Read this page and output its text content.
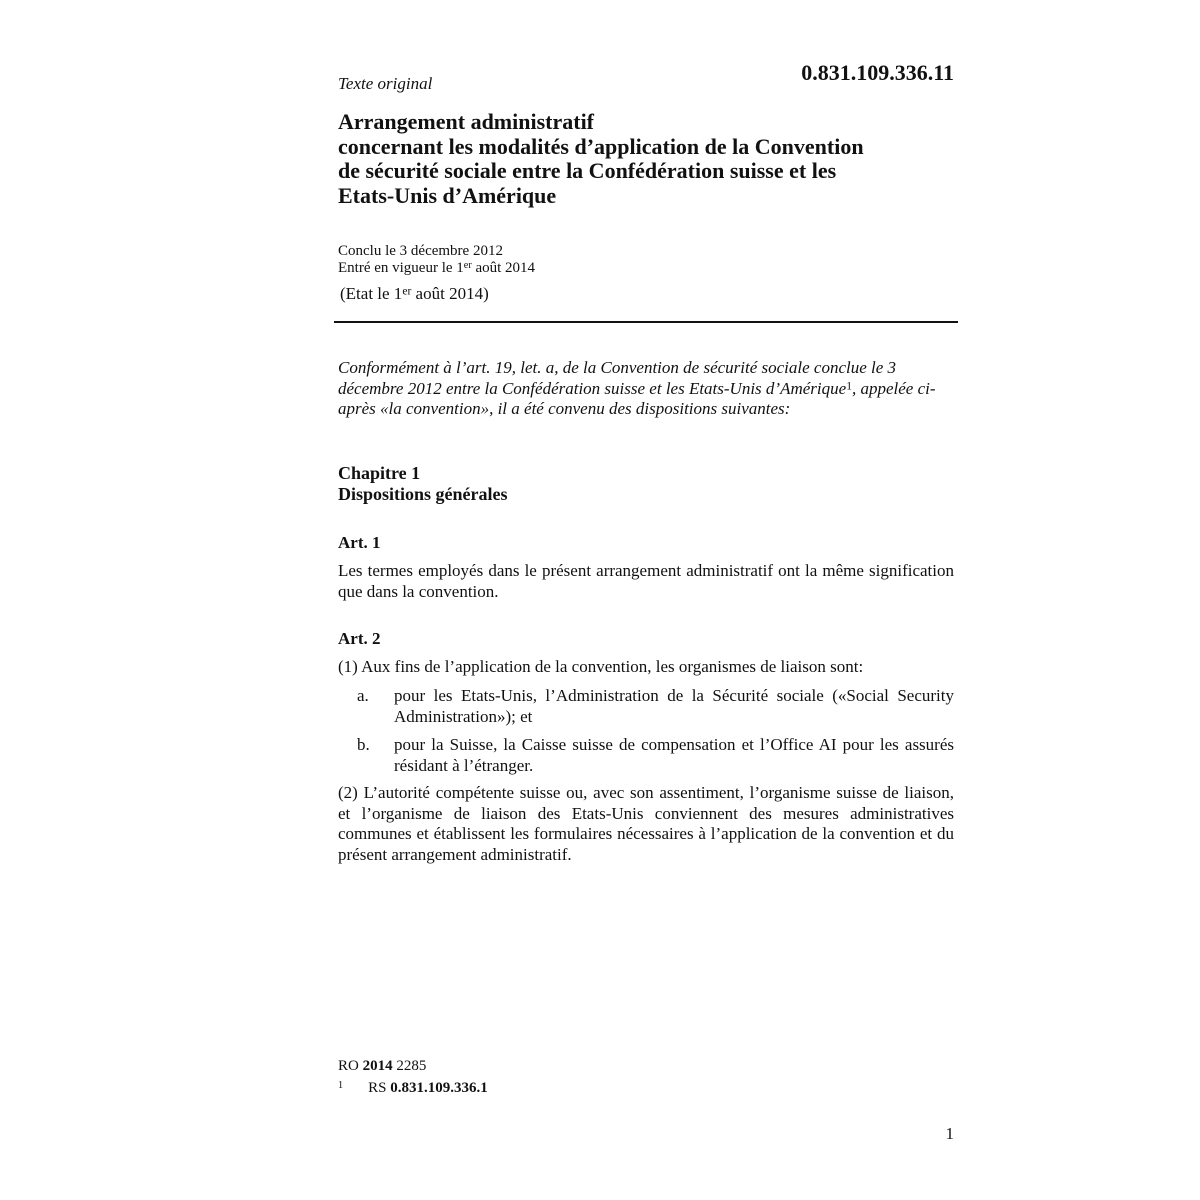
Texte original	0.831.109.336.11
Arrangement administratif
concernant les modalités d’application de la Convention
de sécurité sociale entre la Confédération suisse et les
Etats-Unis d’Amérique
Conclu le 3 décembre 2012
Entré en vigueur le 1er août 2014
(Etat le 1er août 2014)
Conformément à l’art. 19, let. a, de la Convention de sécurité sociale conclue le 3 décembre 2012 entre la Confédération suisse et les Etats-Unis d’Amérique$^1$, appelée ci-après «la convention», il a été convenu des dispositions suivantes:
Chapitre 1
Dispositions générales
Art. 1
Les termes employés dans le présent arrangement administratif ont la même signification que dans la convention.
Art. 2
(1) Aux fins de l’application de la convention, les organismes de liaison sont:
a. pour les Etats-Unis, l’Administration de la Sécurité sociale («Social Security Administration»); et
b. pour la Suisse, la Caisse suisse de compensation et l’Office AI pour les assurés résidant à l’étranger.
(2) L’autorité compétente suisse ou, avec son assentiment, l’organisme suisse de liaison, et l’organisme de liaison des Etats-Unis conviennent des mesures administratives communes et établissent les formulaires nécessaires à l’application de la convention et du présent arrangement administratif.
RO 2014 2285
$^1$ RS 0.831.109.336.1
1
